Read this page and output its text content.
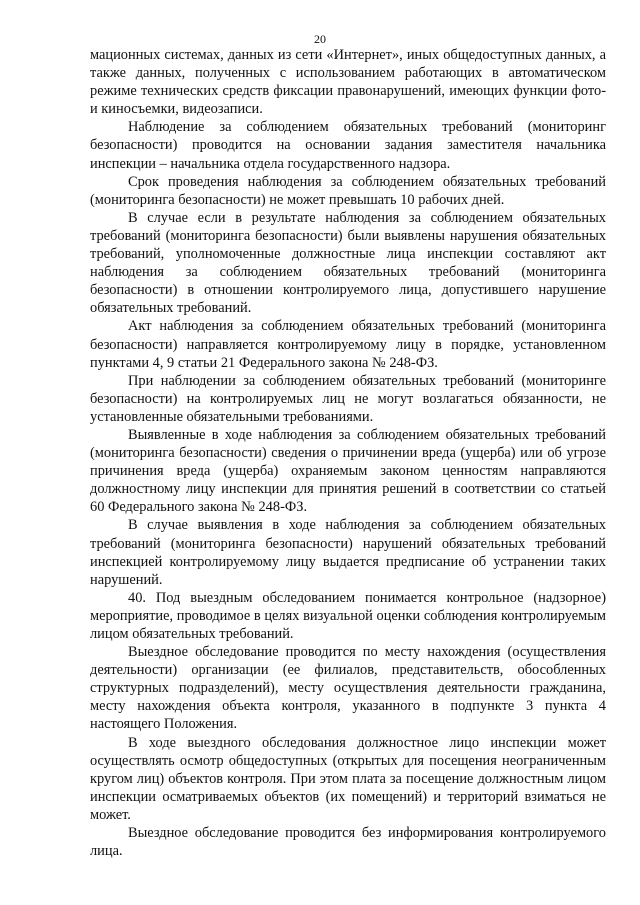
20

мационных системах, данных из сети «Интернет», иных общедоступных данных, а также данных, полученных с использованием работающих в автоматическом режиме технических средств фиксации правонарушений, имеющих функции фото- и киносъемки, видеозаписи.

Наблюдение за соблюдением обязательных требований (мониторинг безопасности) проводится на основании задания заместителя начальника инспекции – начальника отдела государственного надзора.

Срок проведения наблюдения за соблюдением обязательных требований (мониторинга безопасности) не может превышать 10 рабочих дней.

В случае если в результате наблюдения за соблюдением обязательных требований (мониторинга безопасности) были выявлены нарушения обязательных требований, уполномоченные должностные лица инспекции составляют акт наблюдения за соблюдением обязательных требований (мониторинга безопасности) в отношении контролируемого лица, допустившего нарушение обязательных требований.

Акт наблюдения за соблюдением обязательных требований (мониторинга безопасности) направляется контролируемому лицу в порядке, установленном пунктами 4, 9 статьи 21 Федерального закона № 248-ФЗ.

При наблюдении за соблюдением обязательных требований (мониторинге безопасности) на контролируемых лиц не могут возлагаться обязанности, не установленные обязательными требованиями.

Выявленные в ходе наблюдения за соблюдением обязательных требований (мониторинга безопасности) сведения о причинении вреда (ущерба) или об угрозе причинения вреда (ущерба) охраняемым законом ценностям направляются должностному лицу инспекции для принятия решений в соответствии со статьей 60 Федерального закона № 248-ФЗ.

В случае выявления в ходе наблюдения за соблюдением обязательных требований (мониторинга безопасности) нарушений обязательных требований инспекцией контролируемому лицу выдается предписание об устранении таких нарушений.

40. Под выездным обследованием понимается контрольное (надзорное) мероприятие, проводимое в целях визуальной оценки соблюдения контролируемым лицом обязательных требований.

Выездное обследование проводится по месту нахождения (осуществления деятельности) организации (ее филиалов, представительств, обособленных структурных подразделений), месту осуществления деятельности гражданина, месту нахождения объекта контроля, указанного в подпункте 3 пункта 4 настоящего Положения.

В ходе выездного обследования должностное лицо инспекции может осуществлять осмотр общедоступных (открытых для посещения неограниченным кругом лиц) объектов контроля. При этом плата за посещение должностным лицом инспекции осматриваемых объектов (их помещений) и территорий взиматься не может.

Выездное обследование проводится без информирования контролируемого лица.
